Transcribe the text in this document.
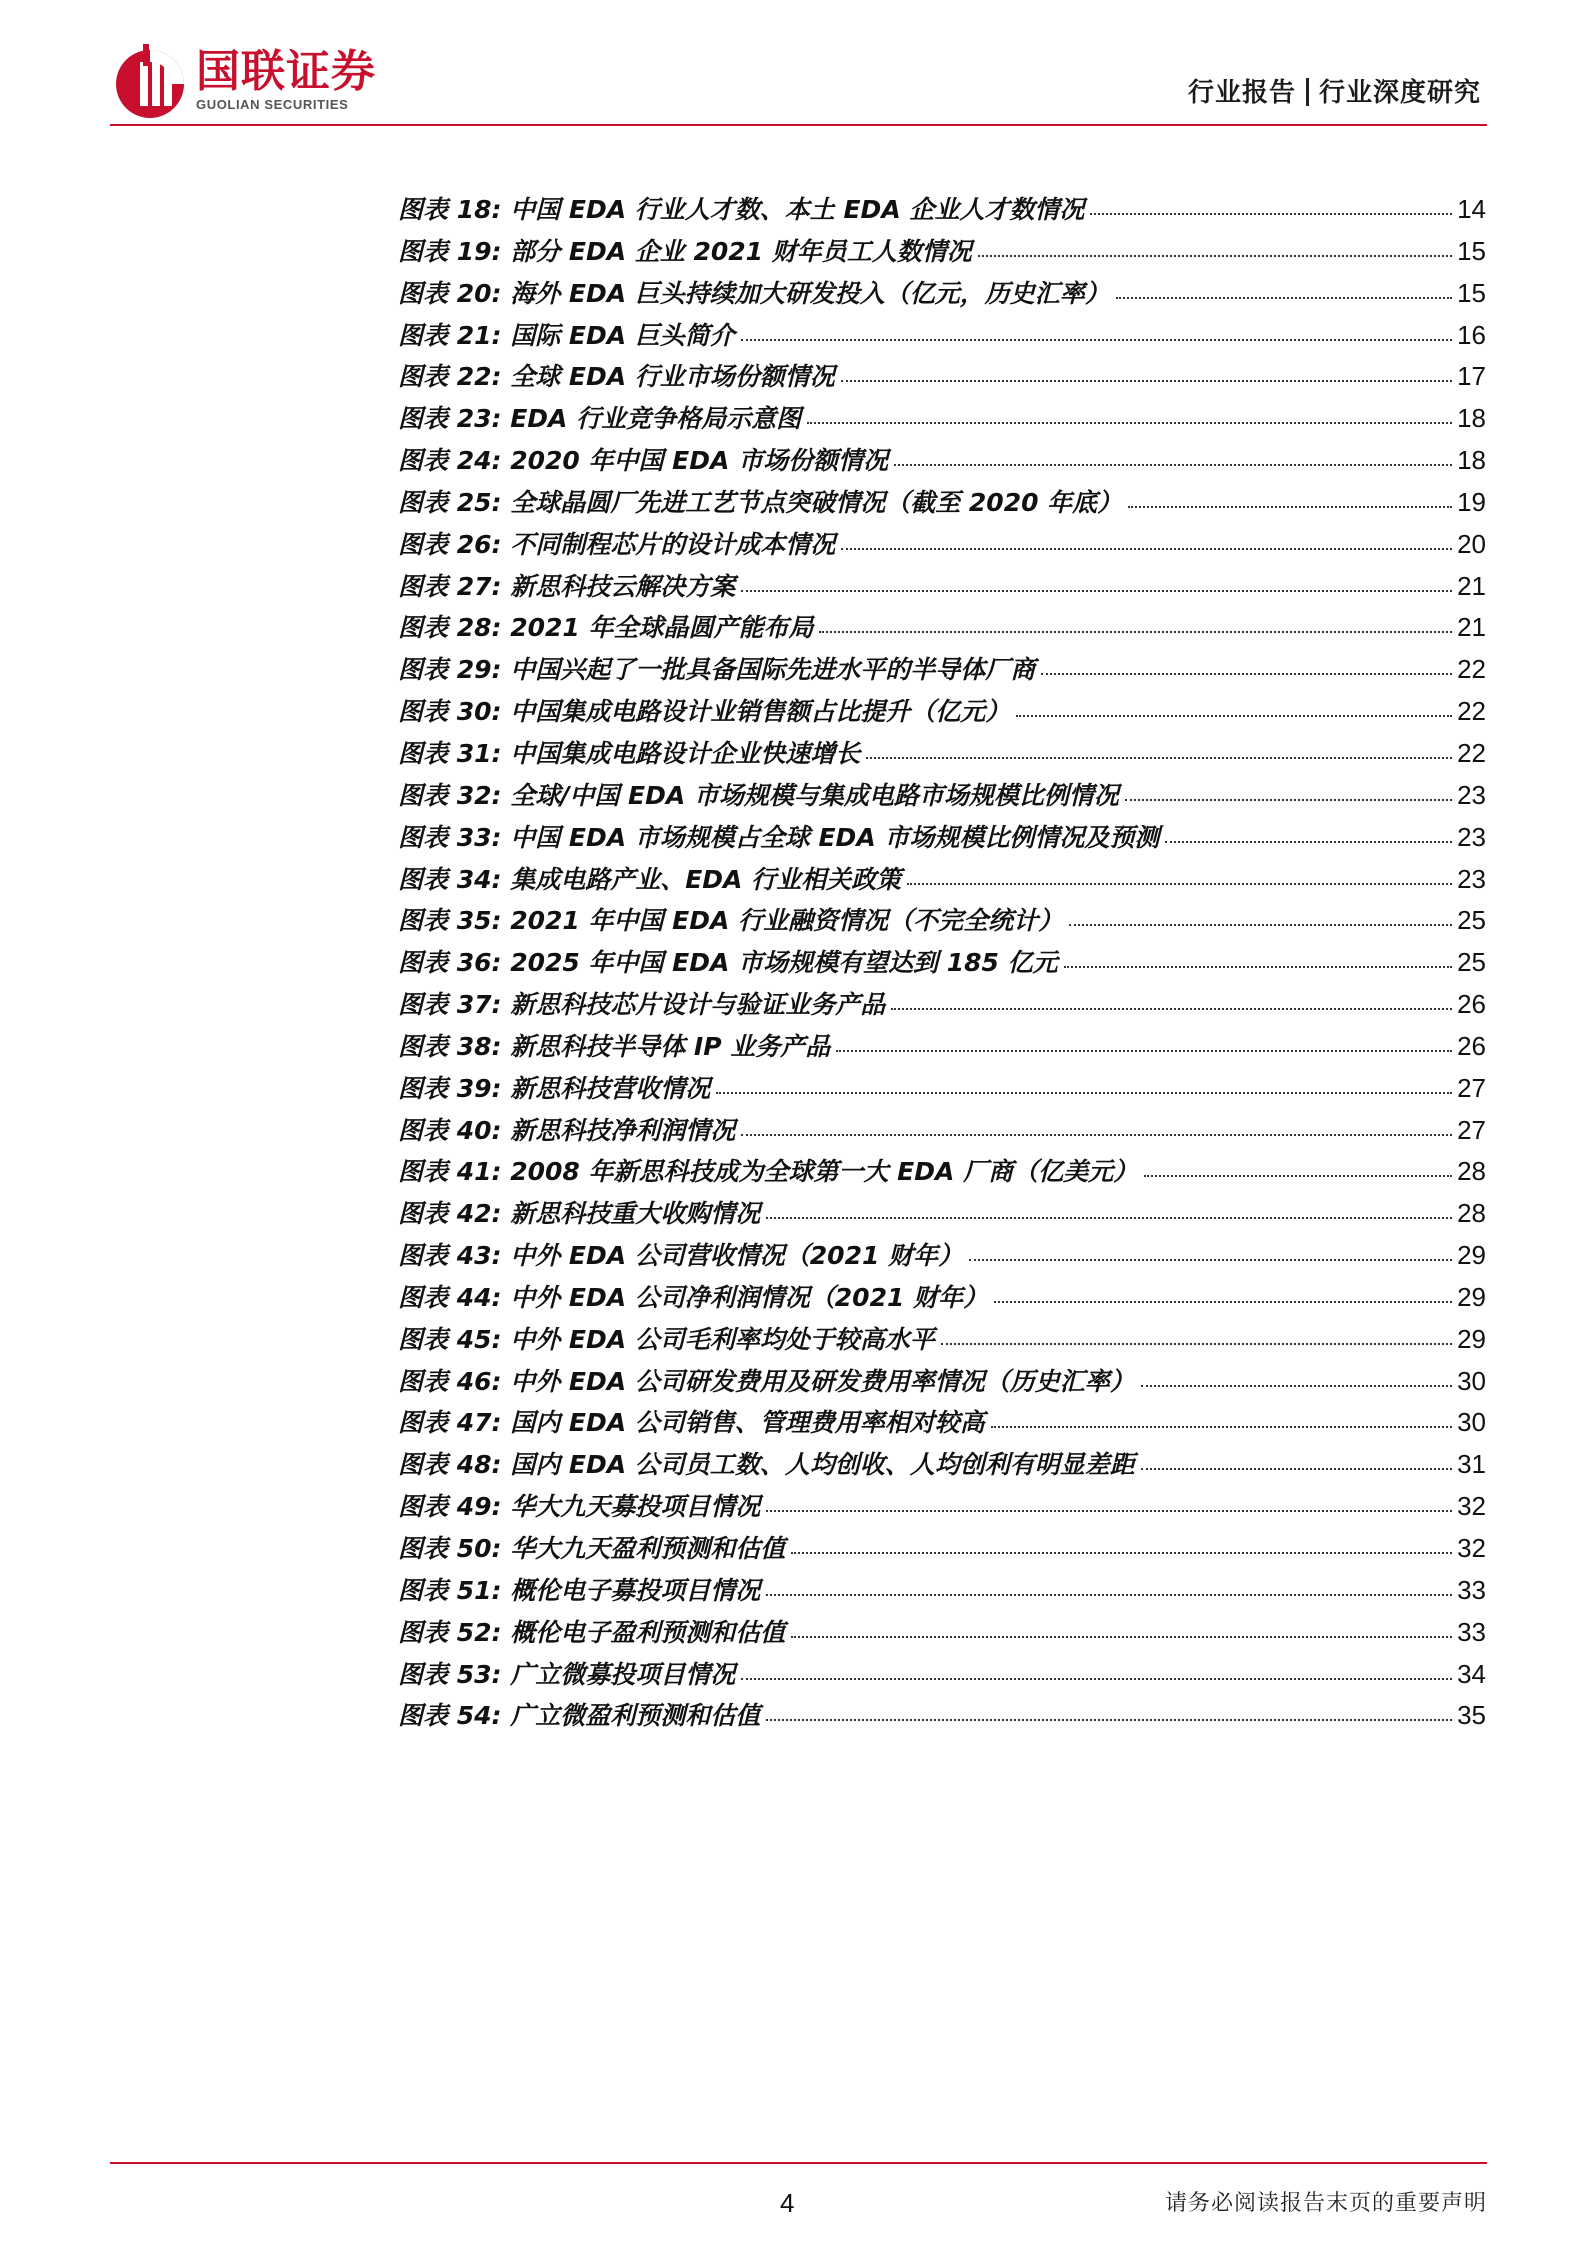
国联证券
GUOLIAN SECURITIES	行业报告 行业深度研究
图表 18: 中国 EDA 行业人才数、本土 EDA 企业人才数情况	14
图表 19: 部分 EDA 企业 2021 财年员工人数情况	15
图表 20: 海外 EDA 巨头持续加大研发投入（亿元，历史汇率）	15
图表 21: 国际 EDA 巨头简介	16
图表 22: 全球 EDA 行业市场份额情况	17
图表 23: EDA 行业竞争格局示意图	18
图表 24: 2020 年中国 EDA 市场份额情况	18
图表 25: 全球晶圆厂先进工艺节点突破情况（截至 2020 年底）	19
图表 26: 不同制程芯片的设计成本情况	20
图表 27: 新思科技云解决方案	21
图表 28: 2021 年全球晶圆产能布局	21
图表 29: 中国兴起了一批具备国际先进水平的半导体厂商	22
图表 30: 中国集成电路设计业销售额占比提升（亿元）	22
图表 31: 中国集成电路设计企业快速增长	22
图表 32: 全球/中国 EDA 市场规模与集成电路市场规模比例情况	23
图表 33: 中国 EDA 市场规模占全球 EDA 市场规模比例情况及预测	23
图表 34: 集成电路产业、EDA 行业相关政策	23
图表 35: 2021 年中国 EDA 行业融资情况（不完全统计）	25
图表 36: 2025 年中国 EDA 市场规模有望达到 185 亿元	25
图表 37: 新思科技芯片设计与验证业务产品	26
图表 38: 新思科技半导体 IP 业务产品	26
图表 39: 新思科技营收情况	27
图表 40: 新思科技净利润情况	27
图表 41: 2008 年新思科技成为全球第一大 EDA 厂商（亿美元）	28
图表 42: 新思科技重大收购情况	28
图表 43: 中外 EDA 公司营收情况（2021 财年）	29
图表 44: 中外 EDA 公司净利润情况（2021 财年）	29
图表 45: 中外 EDA 公司毛利率均处于较高水平	29
图表 46: 中外 EDA 公司研发费用及研发费用率情况（历史汇率）	30
图表 47: 国内 EDA 公司销售、管理费用率相对较高	30
图表 48: 国内 EDA 公司员工数、人均创收、人均创利有明显差距	31
图表 49: 华大九天募投项目情况	32
图表 50: 华大九天盈利预测和估值	32
图表 51: 概伦电子募投项目情况	33
图表 52: 概伦电子盈利预测和估值	33
图表 53: 广立微募投项目情况	34
图表 54: 广立微盈利预测和估值	35
4	请务必阅读报告末页的重要声明
